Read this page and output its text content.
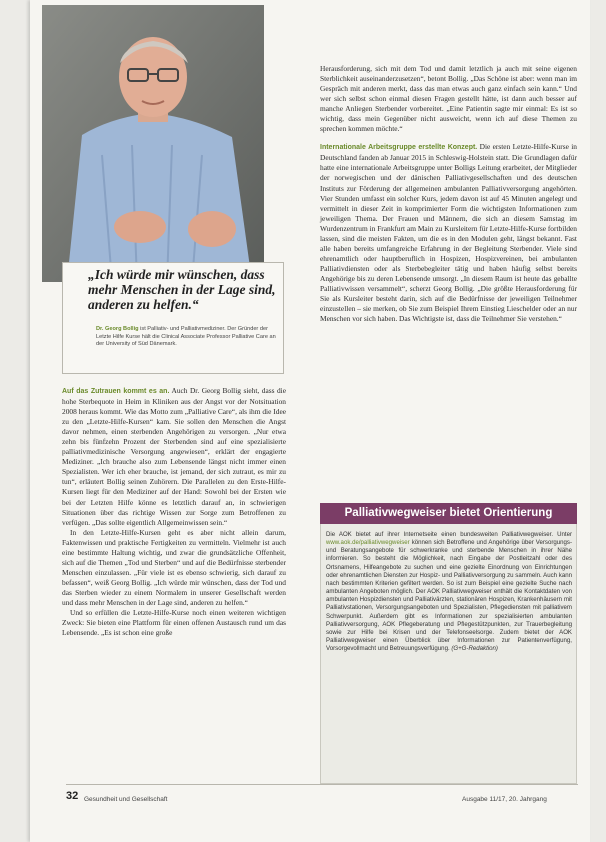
„Ich würde mir wünschen, dass mehr Menschen in der Lage sind, anderen zu helfen.“
Dr. Georg Bollig ist Palliativ- und Palliativmediziner. Der Gründer der Letzte Hilfe Kurse hält die Clinical Associate Professor Palliative Care an der University of Süd Dänemark.

Auf das Zutrauen kommt es an. Auch Dr. Georg Bollig sieht, dass die hohe Sterbequote in Heim in Kliniken aus der Angst vor der Notsituation 2008 heraus kommt. Wie das Motto zum „Palliative Care“, als ihm die Idee zu den „Letzte-Hilfe-Kursen“ kam. Sie sollen den Menschen die Angst davor nehmen, einen sterbenden Angehörigen zu versorgen. „Nur etwa zehn bis fünfzehn Prozent der Sterbenden sind auf eine spezialisierte palliativmedizinische Versorgung angewiesen“, erklärt der engagierte Mediziner. „Ich brauche also zum Lebensende längst nicht immer einen Spezialisten. Wer ich eher brauche, ist jemand, der sich zutraut, es mir zu tun“, erläutert Bollig seinen Zuhörern. Die Parallelen zu den Erste-Hilfe-Kursen liegt für den Mediziner auf der Hand: Sowohl bei der Ersten wie bei der Letzten Hilfe könne es letztlich darauf an, in schwierigen Situationen über das richtige Wissen zur Sorge zum Betroffenen zu verfügen. „Das sollte eigentlich Allgemeinwissen sein.“

In den Letzte-Hilfe-Kursen geht es aber nicht allein darum, Faktenwissen und praktische Fertigkeiten zu vermitteln. Vielmehr ist auch eine bestimmte Haltung wichtig, und zwar die grundsätzliche Offenheit, sich auf die Themen „Tod und Sterben“ und auf die Bedürfnisse sterbender Menschen einzulassen. „Für viele ist es ebenso schwierig, sich darauf zu befassen“, weiß Georg Bollig. „Ich würde mir wünschen, dass der Tod und das Sterben wieder zu einem Normalem in unserer Gesellschaft werden und dass mehr Menschen in der Lage sind, anderen zu helfen.“

Und so erfüllen die Letzte-Hilfe-Kurse noch einen weiteren wichtigen Zweck: Sie bieten eine Plattform für einen offenen Austausch rund um das Lebensende. „Es ist schon eine große

Herausforderung, sich mit dem Tod und damit letztlich ja auch mit seine eigenen Sterblichkeit auseinanderzusetzen“, betont Bollig. „Das Schöne ist aber: wenn man im Gespräch mit anderen merkt, dass das man etwas auch ganz einfach sein kann.“ Und wer sich selbst schon einmal diesen Fragen gestellt hätte, ist dann auch besser auf manche Anliegen Sterbender vorbereitet. „Eine Patientin sagte mir einmal: Es ist so wichtig, dass mein Gegenüber nicht ausweicht, wenn ich auf diese Themen zu sprechen kommen möchte.“

Internationale Arbeitsgruppe erstellte Konzept. Die ersten Letzte-Hilfe-Kurse in Deutschland fanden ab Januar 2015 in Schleswig-Holstein statt. Die Grundlagen dafür hatte eine internationale Arbeitsgruppe unter Bolligs Leitung erarbeitet, der Mitglieder der norwegischen und der dänischen Palliativgesellschaften und des deutschen Instituts zur Förderung der allgemeinen ambulanten Palliativversorgung angehörten. Vier Stunden umfasst ein solcher Kurs, jedem davon ist auf 45 Minuten angelegt und vermittelt in dieser Zeit in komprimierter Form die wichtigsten Informationen zum jeweiligen Thema. Der Frauen und Männern, die sich an diesem Samstag im Wurdenzentrum in Frankfurt am Main zu Kursleitern für Letzte-Hilfe-Kurse fortbilden lassen, sind die meisten Fakten, um die es in den Modulen geht, längst bekannt. Fast alle haben bereits umfangreiche Erfahrung in der Begleitung Sterbender. Viele sind ehrenamtlich oder hauptberuflich in Hospizen, Hospizvereinen, bei ambulanten Palliativdiensten oder als Sterbebegleiter tätig und haben häufig selbst bereits Angehörige bis zu deren Lebensende umsorgt. „In diesem Raum ist heute das geballte Palliativwissen versammelt“, scherzt Georg Bollig. „Die größte Herausforderung für Sie als Kursleiter besteht darin, sich auf die Bedürfnisse der jeweiligen Teilnehmer einzustellen – sie merken, ob Sie zum Beispiel Ihrem Einstieg Lieschelder oder an nur Menschen vor sich haben. Das Wichtigste ist, dass die Teilnehmer Sie verstehen.“

Palliativwegweiser bietet Orientierung
Die AOK bietet auf ihrer Internetseite einen bundesweiten Palliativwegweiser. Unter www.aok.de/palliativwegweiser können sich Betroffene und Angehörige über Versorgungs- und Beratungsangebote für schwerkranke und sterbende Menschen in ihrer Nähe informieren. So besteht die Möglichkeit, nach Eingabe der Postleitzahl oder des Ortsnamens, Hilfeangebote zu suchen und eine gezielte Einordnung von Einrichtungen oder ehrenamtlichen Diensten zur Hospiz- und Palliativversorgung zu sammeln. Auch kann nach bestimmten Kriterien gefiltert werden. So ist zum Beispiel eine gezielte Suche nach ambulanten Angeboten möglich. Der AOK Palliativwegweiser enthält die Kontaktdaten von ambulanten Hospizdiensten und Palliativärzten, stationären Hospizen, Krankenhäusern mit Palliativstationen, Versorgungsangeboten und Spezialisten, Pflegediensten mit palliativem Schwerpunkt. Außerdem gibt es Informationen zur spezialisierten ambulanten Palliativversorgung, AOK Pflegeberatung und Pflegestützpunkten, zur Trauerbegleitung sowie zur Hilfe bei Krisen und der Telefonseelsorge. Zudem bietet der AOK Palliativwegweiser einen Überblick über Informationen zur Patientenverfügung, Vorsorgevollmacht und Betreuungsverfügung. (G+G-Redaktion)
32 Gesundheit und Gesellschaft	Ausgabe 11/17, 20. Jahrgang
